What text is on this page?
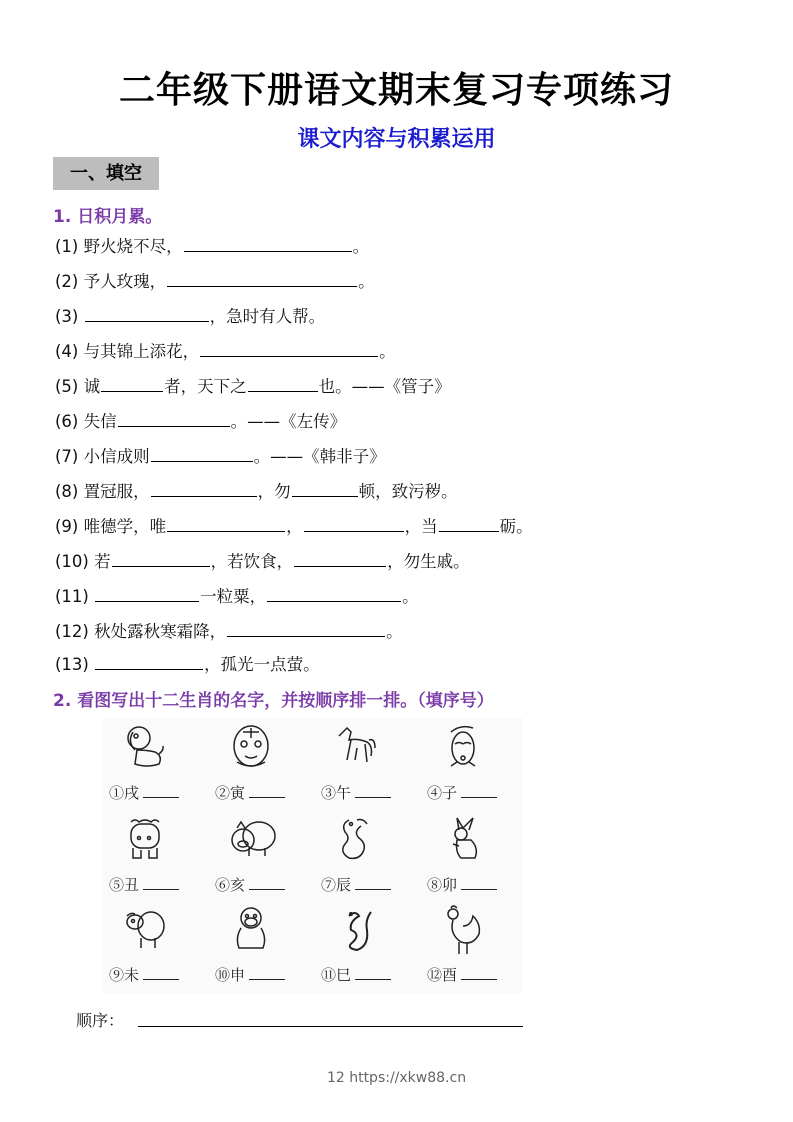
二年级下册语文期末复习专项练习
课文内容与积累运用
一、填空
1. 日积月累。
(1) 野火烧不尽，	。
(2) 予人玫瑰，	。
(3)	，急时有人帮。
(4) 与其锦上添花，	。
(5) 诚	者，天下之	也。——《管子》
(6) 失信	。——《左传》
(7) 小信成则	。——《韩非子》
(8) 置冠服，	，勿	顿，致污秽。
(9) 唯德学，唯	，	，当	砺。
(10) 若	，若饮食，	，勿生戚。
(11)	一粒粟，	。
(12) 秋处露秋寒霜降，	。
(13)	，孤光一点萤。
2. 看图写出十二生肖的名字，并按顺序排一排。（填序号）
①戌	②寅	③午	④子
⑤丑	⑥亥	⑦辰	⑧卯
⑨未	⑩申	⑪巳	⑫酉
顺序：
12 https://xkw88.cn
